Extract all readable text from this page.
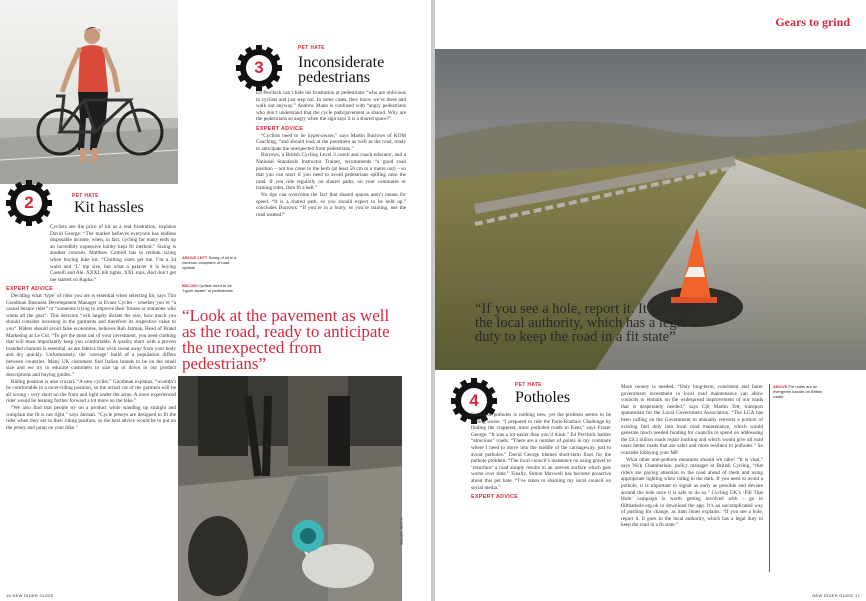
2	PET HATE
Kit hassles

Cyclists see the price of kit as a real frustration, explains David George: “The market believes everyone has endless disposable income, when, in fact, cycling for many ends up an incredibly expensive hobby kept fit method.” Sizing is another concern. Matthew Cottrell has to rethink sizing when buying bike kit. “Clothing sizes get me. I’m a 34 waist and ‘L’ top size, but what a palaver it is buying Castelli and Alé. XXXL bib tights, XXL tops. And don’t get me started on Rapha.”

EXPERT ADVICE

Deciding what ‘type’ of rider you are is essential when selecting kit, says Tim Goodman Business Development Manager at Evans Cycles - whether you’re “a casual leisure rider” or “someone trying to improve their fitness or someone who wants all the gear”. This decision “will largely dictate the size, how much you should consider investing in the garments and therefore its respective value to you”. Riders should avoid false economies, believes Rob Jarman, Head of Brand Marketing at Le Col. “To get the most out of your investment, you need clothing that will most importantly keep you comfortable. A quality short with a proven branded chamois is essential, as are fabrics that wick sweat away from your body and dry quickly. Unfortunately, the ‘average’ build of a population differs between countries. Many UK customers find Italian brands to be on the small size and we try to educate customers to size up or down in our product descriptions and buying guides.”

Riding position is also crucial. “A new cyclist,” Goodman explains, “wouldn’t be comfortable in a racer-riding position, so the actual cut of the garment will be all wrong - very short on the front and tight under the arms. A more experienced rider would be leaning further forward a lot more on the bike.”

“We also find that people try on a product while standing up straight and complain the fit is not right,” says Jarman. “Cycle jerseys are designed to fit the rider when they are in their riding position, so the best advice would be to put on the jersey and jump on your bike.”

ABOVE LEFT Sizing of kit is a common complaint of road cyclists
BELOW Cyclists need to be “hyper aware” of pedestrians
3
PET HATE
Inconsiderate
pedestrians

Ed Perchick can’t hide his frustration at pedestrians “who are oblivious to cyclists and just step out. In some cases, they know we’re there and walk out anyway.” Andrew Mann is confused with “angry pedestrians who don’t understand that the cycle path/pavement is shared. Why are the pedestrians so angry when the sign says it is a shared space?”

EXPERT ADVICE

“Cyclists need to be hyper-aware,” says Martin Burrows of KOM Coaching, “and should look at the pavement as well as the road, ready to anticipate the unexpected from pedestrians.”

Burrows, a British Cycling Level 3 coach and coach educator, and a National Standards Instructor Trainer, recommends “a good road position – not too close to the kerb (at least 50 cm to a metre out) – so that you can react if you need to avoid pedestrians spilling onto the road. If you ride regularly on shared paths, on your commutes or training rides, then fit a bell.”

No tips can overcome the fact that shared spaces aren’t meant for speed. “It is a shared path, so you should expect to be held up,” concludes Burrows. “If you’re in a hurry, or you’re training, use the road instead!”

“Look at the pavement as well as the road, ready to anticipate the unexpected from pedestrians”
IMAGES: GETTY
16 NEW RIDER GUIDE
Gears to grind
“If you see a hole, report it. It goes to the local authority, which has a legal duty to keep the road in a fit state”
4
PET HATE
Potholes

Hatred of potholes is nothing new, yet the problem seems to be getting worse. “I prepared to ride the Paris-Roubaix Challenge by finding the crappiest, most potholed roads in Kent,” says Frazer George. “It was a lot easier than you’d think.” Ed Perchick battles “atrocious” roads: “There are a number of points in my commute where I need to move into the middle of the carriageway, just to avoid potholes.” David George blames short-term fixes for the pothole problem. “The local council’s insistence on using gravel to ‘resurface’ a road simply results in an uneven surface which gets worse over time.” Finally, Simon Maxwell has become proactive about this pet hate. “I’ve taken to shaming my local council on social media.”

EXPERT ADVICE

More money is needed. “Only long-term, consistent and fairer government investment in local road maintenance can allow councils to embark on the widespread improvement of our roads that is desperately needed,” says Cllr Martin Tett, transport spokesman for the Local Government Association. “The LGA has been calling on the Government to annually reinvest a portion of existing fuel duty into local road maintenance, which would generate much needed funding for councils to spend on addressing the £9.3 billion roads repair backlog and which would give all road users better roads that are safer and more resilient to potholes.” So consider lobbying your MP.

What other anti-pothole measures should we take? “It is vital,” says Nick Chamberlain, policy manager at British Cycling, “that riders are paying attention to the road ahead of them and using appropriate lighting when riding in the dark. If you need to avoid a pothole, it is important to signal as early as possible and deviate around the hole once it is safe to do so.” Cycling UK’s ‘Fill That Hole’ campaign is worth getting involved with – go to fillthathole.org.uk to download the app. It’s an uncomplicated way of pushing for change, as Sam Jones explains: “If you see a hole, report it. It goes to the local authority, which has a legal duty to keep the road in a fit state.”

ABOVE Pot holes are an evergreen hazard on British roads
NEW RIDER GUIDE 17
